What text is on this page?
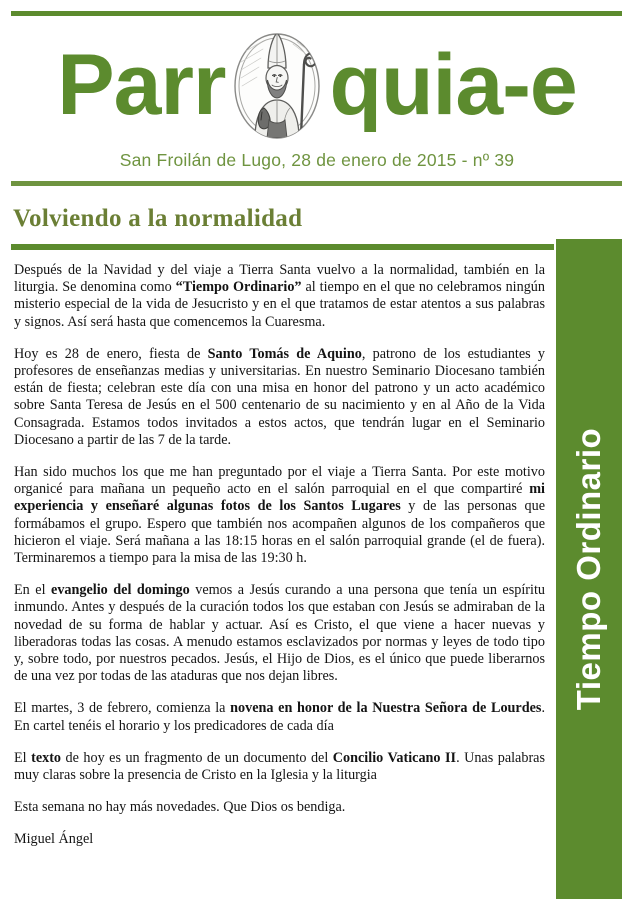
Parr quia-e
San Froilán de Lugo, 28 de enero de 2015 - nº 39
Volviendo a la normalidad
Tiempo Ordinario

Después de la Navidad y del viaje a Tierra Santa vuelvo a la normalidad, también en la liturgia. Se denomina como “Tiempo Ordinario” al tiempo en el que no celebramos ningún misterio especial de la vida de Jesucristo y en el que tratamos de estar atentos a sus palabras y signos. Así será hasta que comencemos la Cuaresma.

Hoy es 28 de enero, fiesta de Santo Tomás de Aquino, patrono de los estudiantes y profesores de enseñanzas medias y universitarias. En nuestro Seminario Diocesano también están de fiesta; celebran este día con una misa en honor del patrono y un acto académico sobre Santa Teresa de Jesús en el 500 centenario de su nacimiento y en al Año de la Vida Consagrada. Estamos todos invitados a estos actos, que tendrán lugar en el Seminario Diocesano a partir de las 7 de la tarde.

Han sido muchos los que me han preguntado por el viaje a Tierra Santa. Por este motivo organicé para mañana un pequeño acto en el salón parroquial en el que compartiré mi experiencia y enseñaré algunas fotos de los Santos Lugares y de las personas que formábamos el grupo. Espero que también nos acompañen algunos de los compañeros que hicieron el viaje. Será mañana a las 18:15 horas en el salón parroquial grande (el de fuera). Terminaremos a tiempo para la misa de las 19:30 h.

En el evangelio del domingo vemos a Jesús curando a una persona que tenía un espíritu inmundo. Antes y después de la curación todos los que estaban con Jesús se admiraban de la novedad de su forma de hablar y actuar. Así es Cristo, el que viene a hacer nuevas y liberadoras todas las cosas. A menudo estamos esclavizados por normas y leyes de todo tipo y, sobre todo, por nuestros pecados. Jesús, el Hijo de Dios, es el único que puede liberarnos de una vez por todas de las ataduras que nos dejan libres.

El martes, 3 de febrero, comienza la novena en honor de la Nuestra Señora de Lourdes. En cartel tenéis el horario y los predicadores de cada día

El texto de hoy es un fragmento de un documento del Concilio Vaticano II. Unas palabras muy claras sobre la presencia de Cristo en la Iglesia y la liturgia

Esta semana no hay más novedades. Que Dios os bendiga.

Miguel Ángel
